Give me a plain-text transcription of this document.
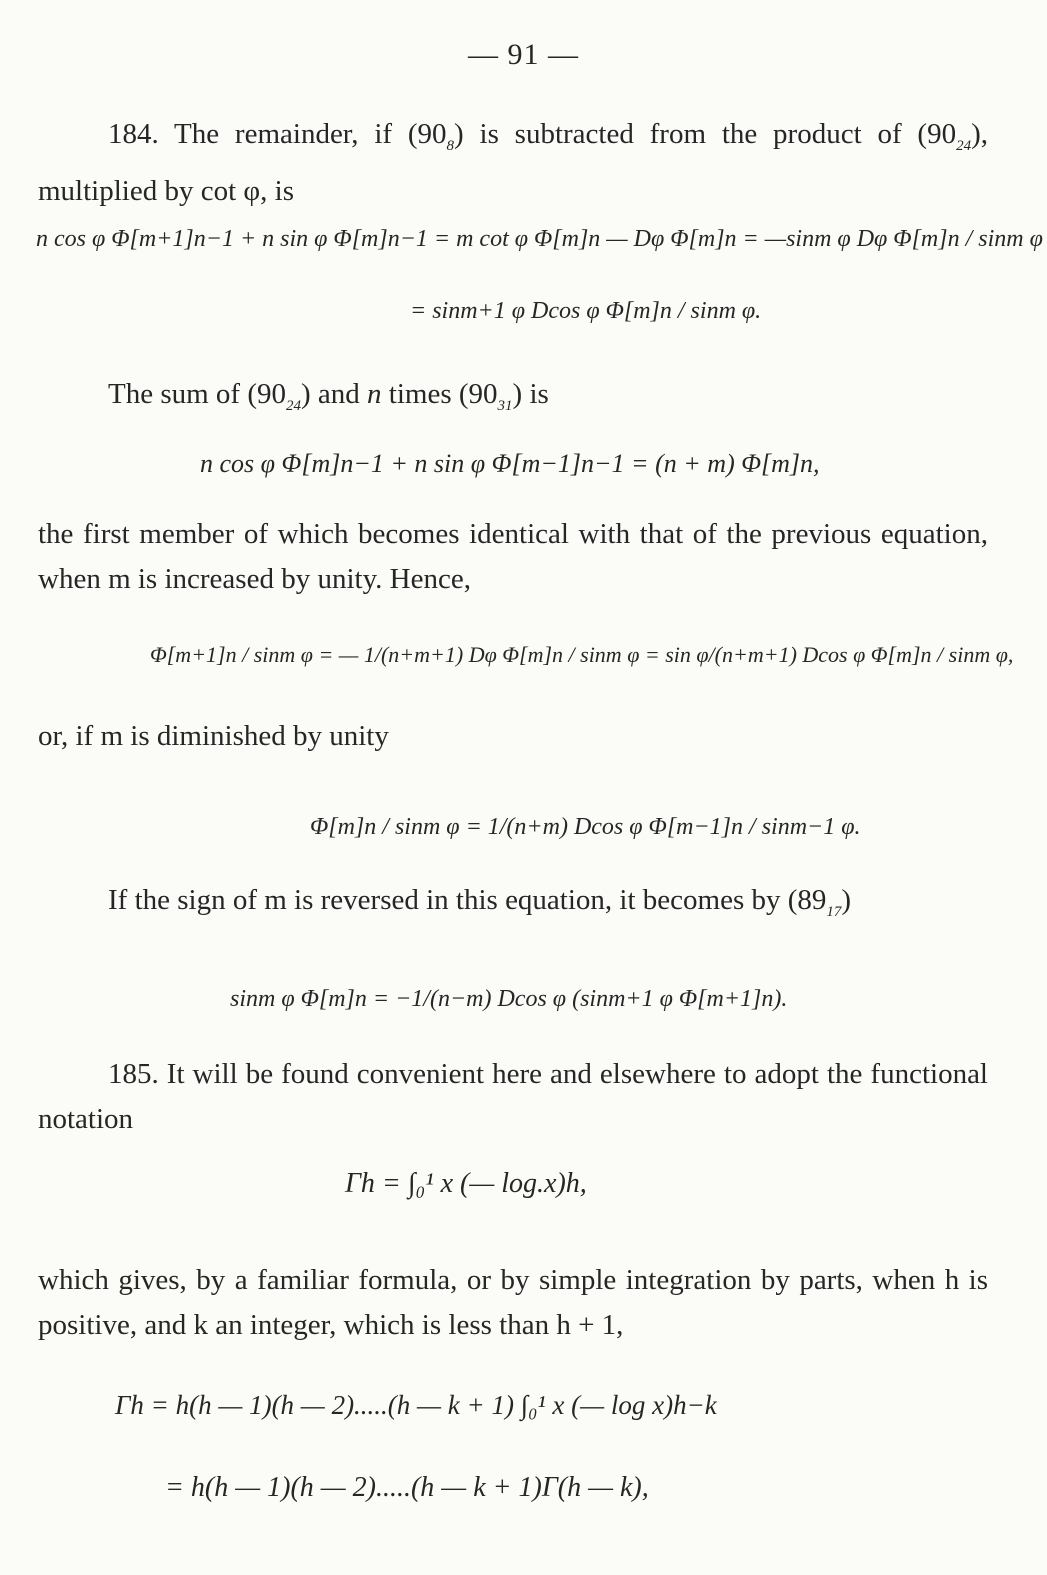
— 91 —
184. The remainder, if $(90_8)$ is subtracted from the product of $(90_{24})$, multiplied by cot φ, is
n cos φ Φ[m+1]n−1 + n sin φ Φ[m]n−1 = m cot φ Φ[m]n — Dφ Φ[m]n = —sinm φ Dφ Φ[m]n / sinm φ
= sinm+1 φ Dcos φ Φ[m]n / sinm φ.
The sum of $(90_{24})$ and n times $(90_{31})$ is
n cos φ Φ[m]n−1 + n sin φ Φ[m−1]n−1 = (n + m) Φ[m]n,
the first member of which becomes identical with that of the previous equation, when m is increased by unity. Hence,
Φ[m+1]n / sinm φ = — 1/(n+m+1) Dφ Φ[m]n / sinm φ = sin φ/(n+m+1) Dcos φ Φ[m]n / sinm φ,
or, if m is diminished by unity
Φ[m]n / sinm φ = 1/(n+m) Dcos φ Φ[m−1]n / sinm−1 φ.
If the sign of m is reversed in this equation, it becomes by $(89_{17})$
sinm φ Φ[m]n = −1/(n−m) Dcos φ (sinm+1 φ Φ[m+1]n).
185. It will be found convenient here and elsewhere to adopt the functional notation
Γh = ∫₀¹ x (— log.x)h,
which gives, by a familiar formula, or by simple integration by parts, when h is positive, and k an integer, which is less than h + 1,
Γh = h(h — 1)(h — 2).....(h — k + 1) ∫₀¹ x (— log x)h−k
= h(h — 1)(h — 2).....(h — k + 1)Γ(h — k),
